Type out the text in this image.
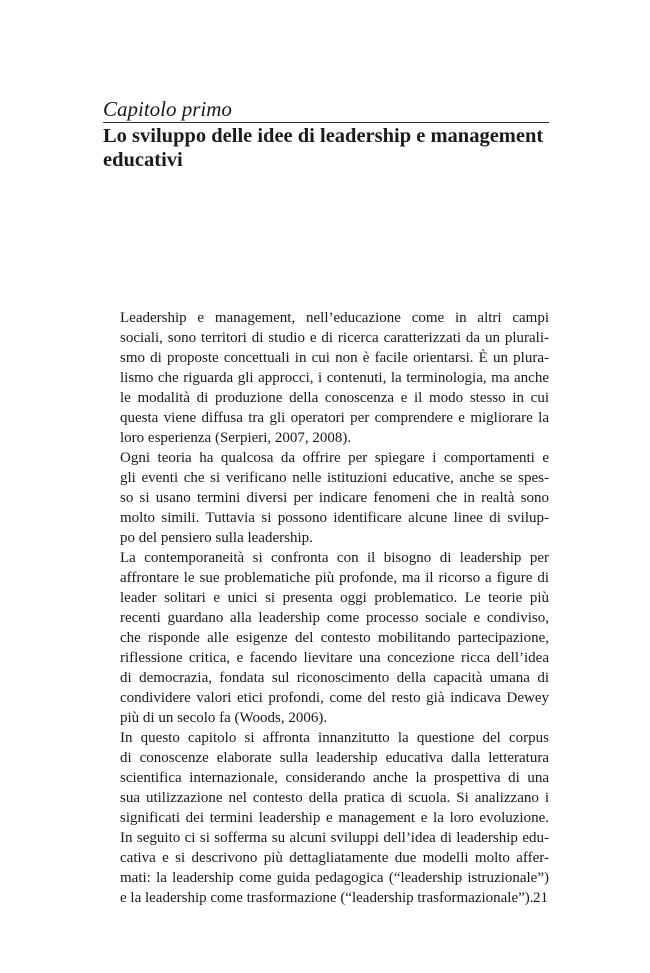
Capitolo primo
Lo sviluppo delle idee di leadership e management
educativi

Leadership e management, nell’educazione come in altri campi
sociali, sono territori di studio e di ricerca caratterizzati da un plurali-
smo di proposte concettuali in cui non è facile orientarsi. È un plura-
lismo che riguarda gli approcci, i contenuti, la terminologia, ma anche
le modalità di produzione della conoscenza e il modo stesso in cui
questa viene diffusa tra gli operatori per comprendere e migliorare la
loro esperienza (Serpieri, 2007, 2008).

Ogni teoria ha qualcosa da offrire per spiegare i comportamenti e
gli eventi che si verificano nelle istituzioni educative, anche se spes-
so si usano termini diversi per indicare fenomeni che in realtà sono
molto simili. Tuttavia si possono identificare alcune linee di svilup-
po del pensiero sulla leadership.

La contemporaneità si confronta con il bisogno di leadership per
affrontare le sue problematiche più profonde, ma il ricorso a figure di
leader solitari e unici si presenta oggi problematico. Le teorie più
recenti guardano alla leadership come processo sociale e condiviso,
che risponde alle esigenze del contesto mobilitando partecipazione,
riflessione critica, e facendo lievitare una concezione ricca dell’idea
di democrazia, fondata sul riconoscimento della capacità umana di
condividere valori etici profondi, come del resto già indicava Dewey
più di un secolo fa (Woods, 2006).

In questo capitolo si affronta innanzitutto la questione del corpus
di conoscenze elaborate sulla leadership educativa dalla letteratura
scientifica internazionale, considerando anche la prospettiva di una
sua utilizzazione nel contesto della pratica di scuola. Si analizzano i
significati dei termini leadership e management e la loro evoluzione.
In seguito ci si sofferma su alcuni sviluppi dell’idea di leadership edu-
cativa e si descrivono più dettagliatamente due modelli molto affer-
mati: la leadership come guida pedagogica (“leadership istruzionale”)
e la leadership come trasformazione (“leadership trasformazionale”). 21
